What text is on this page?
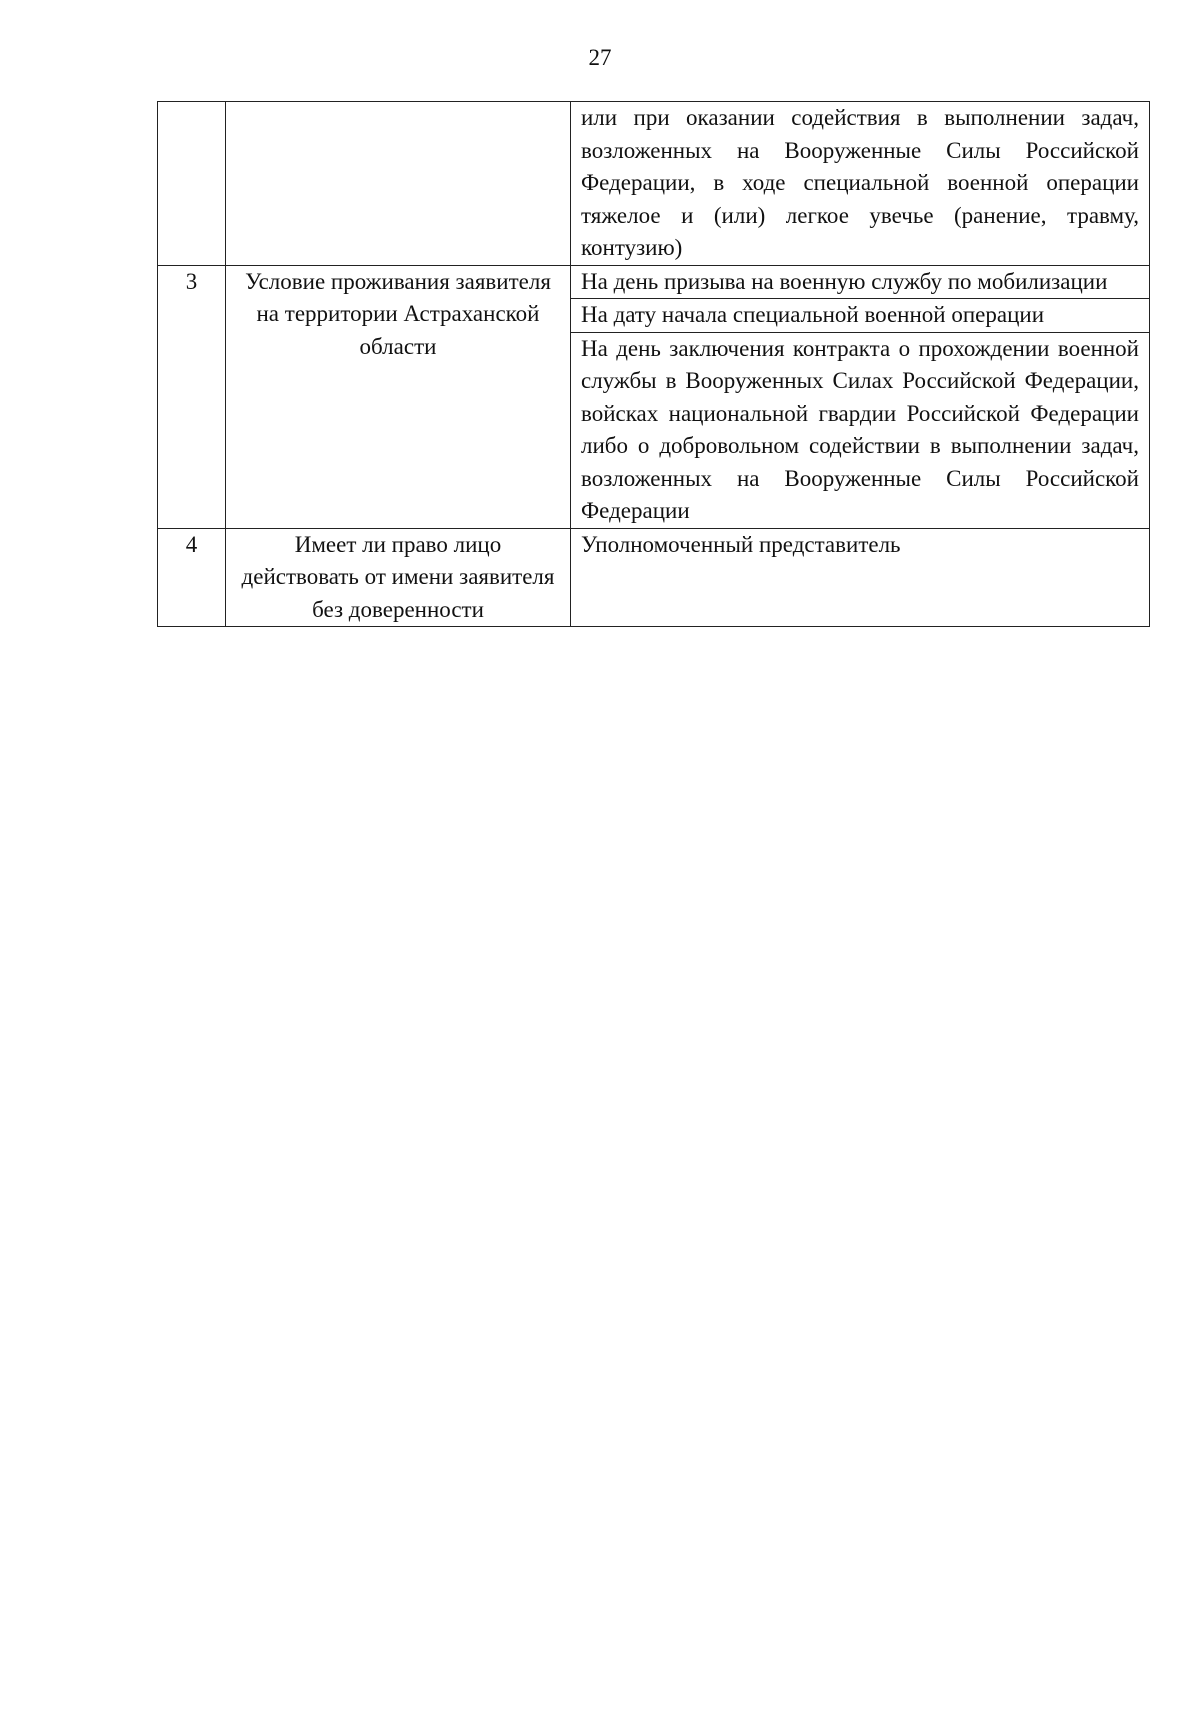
27

		или при оказании содействия в выполнении задач, возложенных на Вооруженные Силы Российской Федерации, в ходе специальной военной операции тяжелое и (или) легкое увечье (ранение, травму, контузию)

3	Условие проживания заявителя на территории Астраханской области	На день призыва на военную службу по мобилизации

		На дату начала специальной военной операции

		На день заключения контракта о прохождении военной службы в Вооруженных Силах Российской Федерации, войсках национальной гвардии Российской Федерации либо о добровольном содействии в выполнении задач, возложенных на Вооруженные Силы Российской Федерации

4	Имеет ли право лицо действовать от имени заявителя без доверенности	Уполномоченный представитель
